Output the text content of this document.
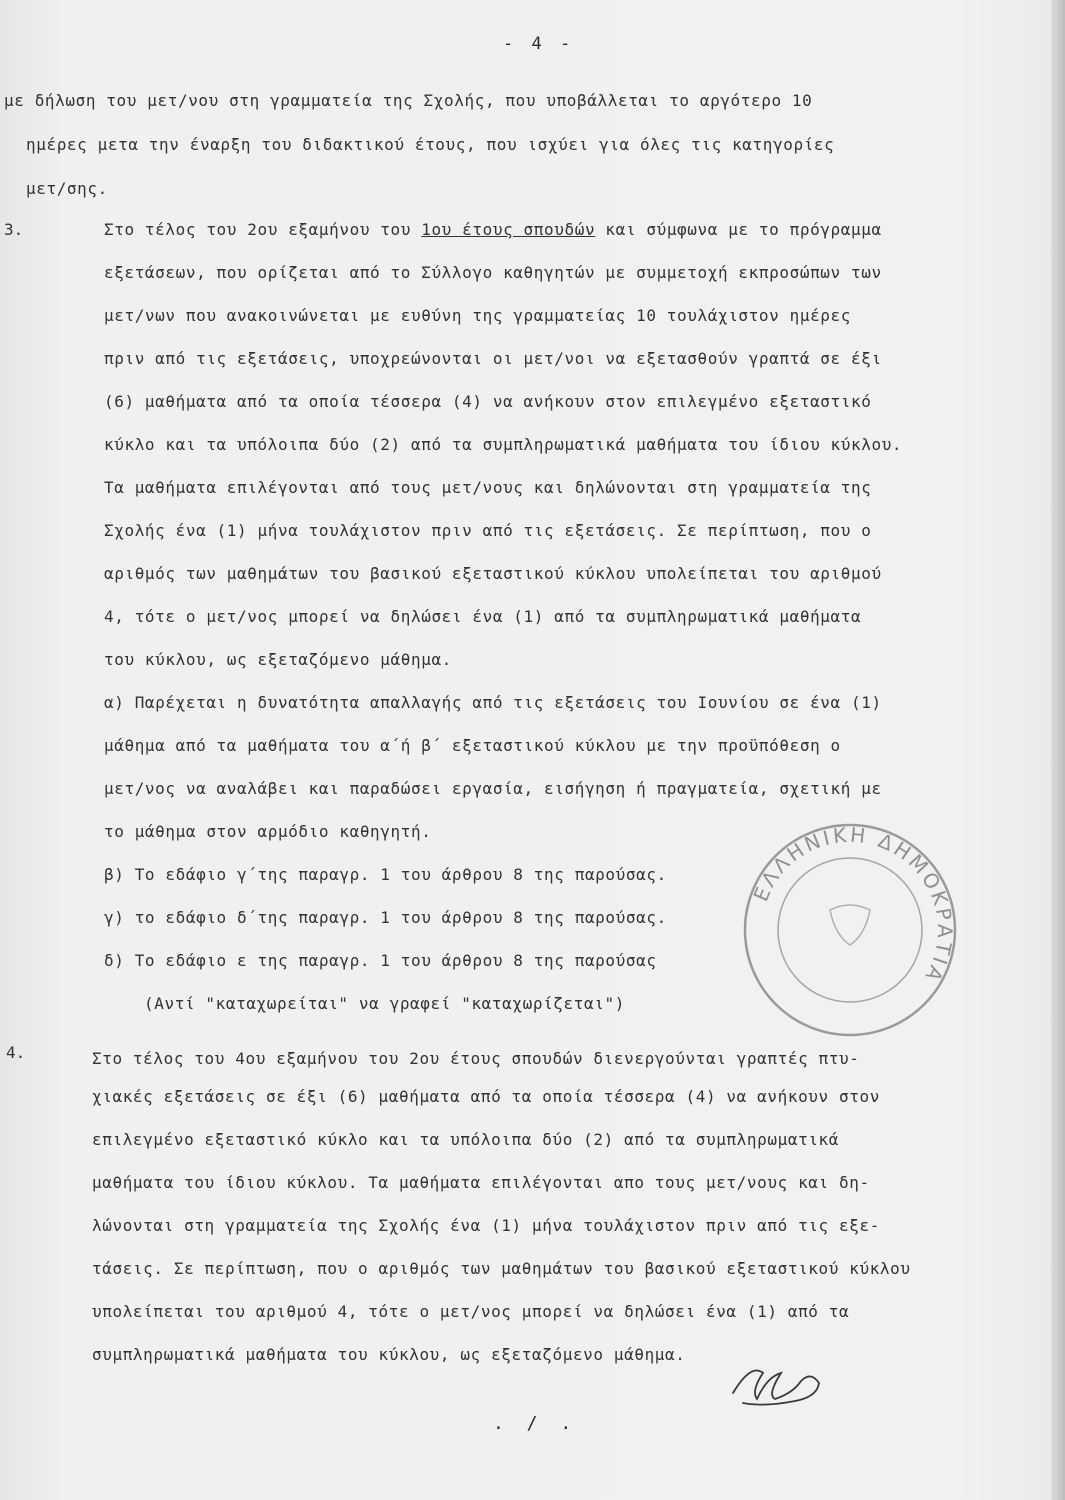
- 4 -
με δήλωση του μετ/νου στη γραμματεία της Σχολής, που υποβάλλεται το αργότερο 10
ημέρες μετα την έναρξη του διδακτικού έτους, που ισχύει για όλες τις κατηγορίες
μετ/σης.
3.	Στο τέλος του 2ου εξαμήνου του 1ου έτους σπουδών και σύμφωνα με το πρόγραμμα
εξετάσεων, που ορίζεται από το Σύλλογο καθηγητών με συμμετοχή εκπροσώπων των
μετ/νων που ανακοινώνεται με ευθύνη της γραμματείας 10 τουλάχιστον ημέρες
πριν από τις εξετάσεις, υποχρεώνονται οι μετ/νοι να εξετασθούν γραπτά σε έξι
(6) μαθήματα από τα οποία τέσσερα (4) να ανήκουν στον επιλεγμένο εξεταστικό
κύκλο και τα υπόλοιπα δύο (2) από τα συμπληρωματικά μαθήματα του ίδιου κύκλου.
Τα μαθήματα επιλέγονται από τους μετ/νους και δηλώνονται στη γραμματεία της
Σχολής ένα (1) μήνα τουλάχιστον πριν από τις εξετάσεις. Σε περίπτωση, που ο
αριθμός των μαθημάτων του βασικού εξεταστικού κύκλου υπολείπεται του αριθμού
4, τότε ο μετ/νος μπορεί να δηλώσει ένα (1) από τα συμπληρωματικά μαθήματα
του κύκλου, ως εξεταζόμενο μάθημα.
α) Παρέχεται η δυνατότητα απαλλαγής από τις εξετάσεις του Ιουνίου σε ένα (1)
μάθημα από τα μαθήματα του α΄ή β΄ εξεταστικού κύκλου με την προϋπόθεση ο
μετ/νος να αναλάβει και παραδώσει εργασία, εισήγηση ή πραγματεία, σχετική με
το μάθημα στον αρμόδιο καθηγητή.
β) Το εδάφιο γ΄της παραγρ. 1 του άρθρου 8 της παρούσας.
γ) το εδάφιο δ΄της παραγρ. 1 του άρθρου 8 της παρούσας.
δ) Το εδάφιο ε της παραγρ. 1 του άρθρου 8 της παρούσας
(Αντί "καταχωρείται" να γραφεί "καταχωρίζεται")
4.	Στο τέλος του 4ου εξαμήνου του 2ου έτους σπουδών διενεργούνται γραπτές πτυ-
χιακές εξετάσεις σε έξι (6) μαθήματα από τα οποία τέσσερα (4) να ανήκουν στον
επιλεγμένο εξεταστικό κύκλο και τα υπόλοιπα δύο (2) από τα συμπληρωματικά
μαθήματα του ίδιου κύκλου. Τα μαθήματα επιλέγονται απο τους μετ/νους και δη-
λώνονται στη γραμματεία της Σχολής ένα (1) μήνα τουλάχιστον πριν από τις εξε-
τάσεις. Σε περίπτωση, που ο αριθμός των μαθημάτων του βασικού εξεταστικού κύκλου
υπολείπεται του αριθμού 4, τότε ο μετ/νος μπορεί να δηλώσει ένα (1) από τα
συμπληρωματικά μαθήματα του κύκλου, ως εξεταζόμενο μάθημα.
ΕΛΛΗΝΙΚΗ ΔΗΜΟΚΡΑΤΙΑ
. / .
